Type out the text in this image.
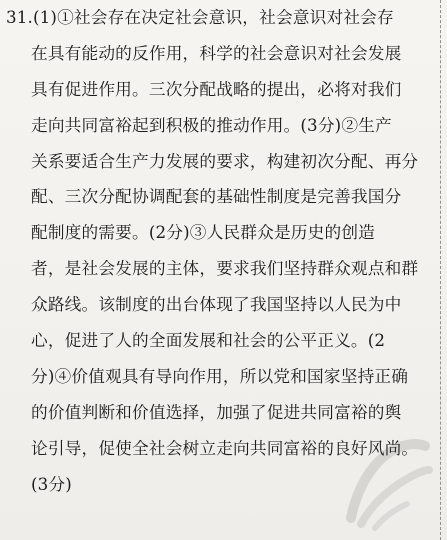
31.(1)①社会存在决定社会意识，社会意识对社会存
在具有能动的反作用，科学的社会意识对社会发展
具有促进作用。三次分配战略的提出，必将对我们
走向共同富裕起到积极的推动作用。(3分)②生产
关系要适合生产力发展的要求，构建初次分配、再分
配、三次分配协调配套的基础性制度是完善我国分
配制度的需要。(2分)③人民群众是历史的创造
者，是社会发展的主体，要求我们坚持群众观点和群
众路线。该制度的出台体现了我国坚持以人民为中
心，促进了人的全面发展和社会的公平正义。(2
分)④价值观具有导向作用，所以党和国家坚持正确
的价值判断和价值选择，加强了促进共同富裕的舆
论引导，促使全社会树立走向共同富裕的良好风尚。
(3分)
